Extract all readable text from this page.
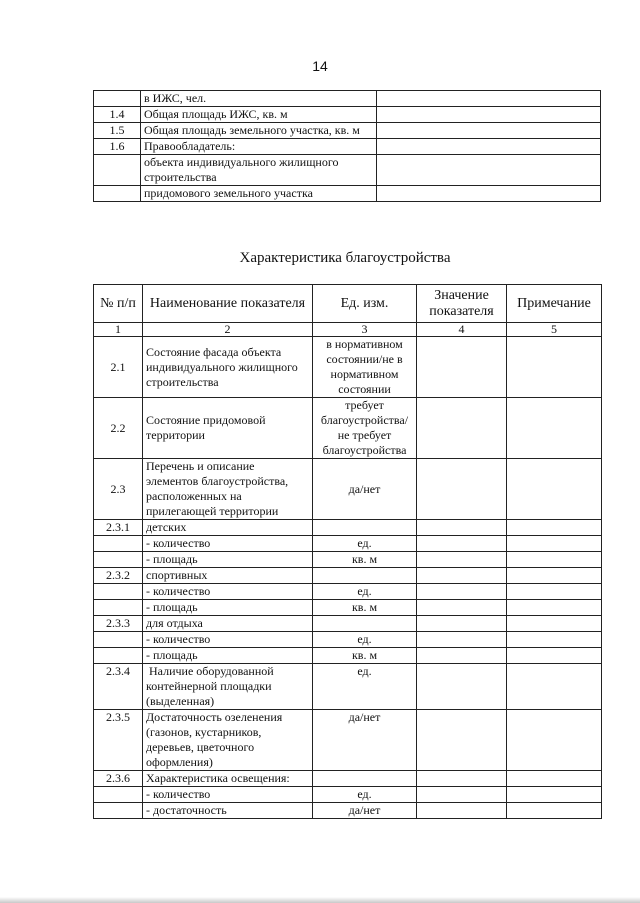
14
	в ИЖС, чел.	
1.4	Общая площадь ИЖС, кв. м	
1.5	Общая площадь земельного участка, кв. м	
1.6	Правообладатель:	
	объекта индивидуального жилищного строительства	
	придомового земельного участка	
Характеристика благоустройства
№ п/п	Наименование показателя	Ед. изм.	Значение показателя	Примечание
1	2	3	4	5
2.1	Состояние фасада объекта индивидуального жилищного строительства	в нормативном состоянии/не в нормативном состоянии		
2.2	Состояние придомовой территории	требует благоустройства/ не требует благоустройства		
2.3	Перечень и описание элементов благоустройства, расположенных на прилегающей территории	да/нет		
2.3.1	детских			
	- количество	ед.		
	- площадь	кв. м		
2.3.2	спортивных			
	- количество	ед.		
	- площадь	кв. м		
2.3.3	для отдыха			
	- количество	ед.		
	- площадь	кв. м		
2.3.4	Наличие оборудованной контейнерной площадки (выделенная)	ед.		
2.3.5	Достаточность озеленения (газонов, кустарников, деревьев, цветочного оформления)	да/нет		
2.3.6	Характеристика освещения:			
	- количество	ед.		
	- достаточность	да/нет		
